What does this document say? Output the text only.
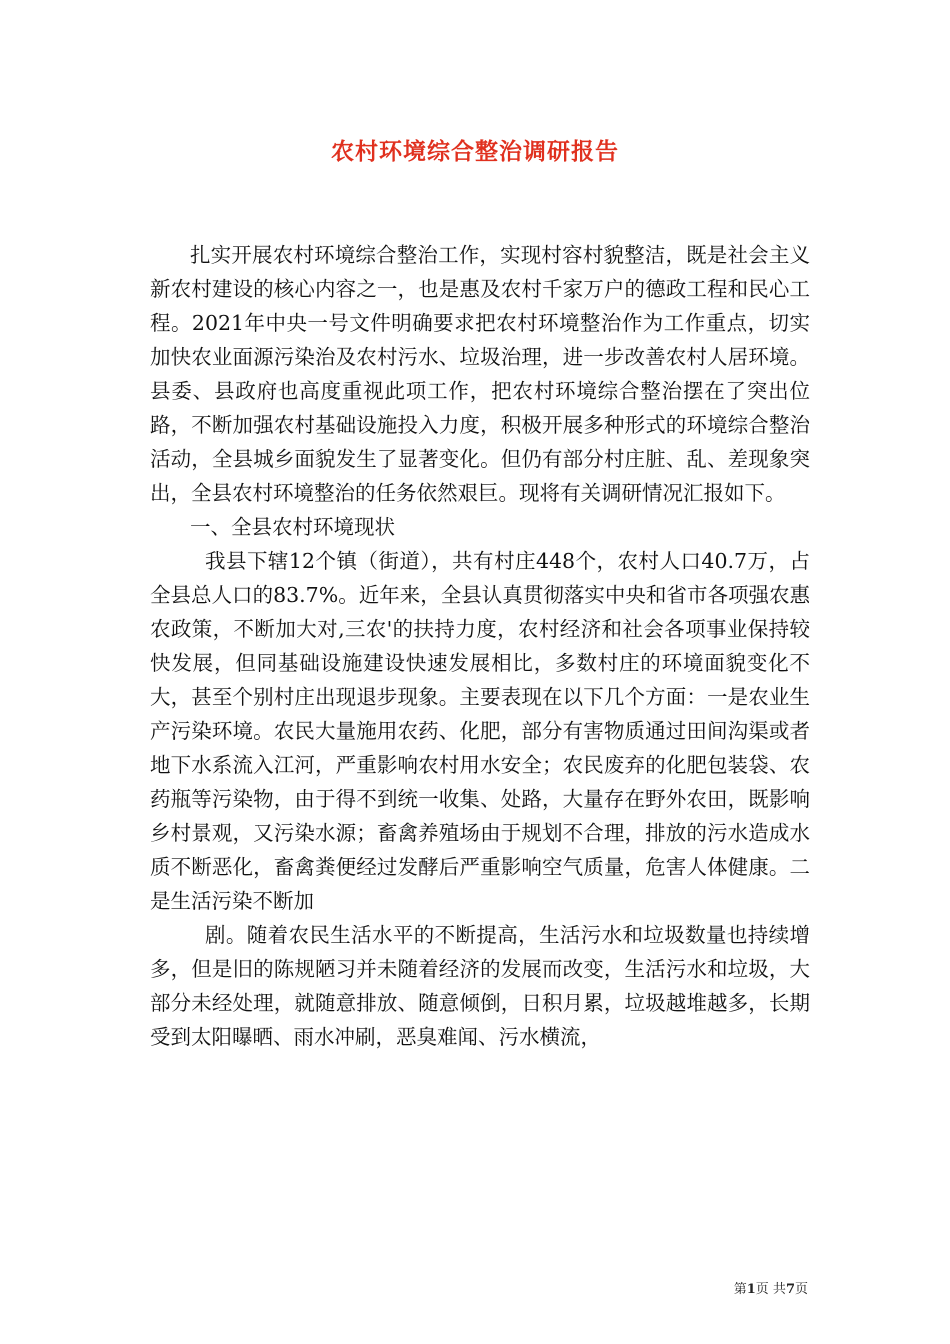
农村环境综合整治调研报告

扎实开展农村环境综合整治工作，实现村容村貌整洁，既是社会主义新农村建设的核心内容之一，也是惠及农村千家万户的德政工程和民心工程。2021年中央一号文件明确要求把农村环境整治作为工作重点，切实加快农业面源污染治及农村污水、垃圾治理，进一步改善农村人居环境。县委、县政府也高度重视此项工作，把农村环境综合整治摆在了突出位路，不断加强农村基础设施投入力度，积极开展多种形式的环境综合整治活动，全县城乡面貌发生了显著变化。但仍有部分村庄脏、乱、差现象突出，全县农村环境整治的任务依然艰巨。现将有关调研情况汇报如下。

一、全县农村环境现状

我县下辖12个镇（街道），共有村庄448个，农村人口40.7万，占全县总人口的83.7%。近年来，全县认真贯彻落实中央和省市各项强农惠农政策，不断加大对‚三农'的扶持力度，农村经济和社会各项事业保持较快发展，但同基础设施建设快速发展相比，多数村庄的环境面貌变化不大，甚至个别村庄出现退步现象。主要表现在以下几个方面：一是农业生产污染环境。农民大量施用农药、化肥，部分有害物质通过田间沟渠或者地下水系流入江河，严重影响农村用水安全；农民废弃的化肥包装袋、农药瓶等污染物，由于得不到统一收集、处路，大量存在野外农田，既影响乡村景观，又污染水源；畜禽养殖场由于规划不合理，排放的污水造成水质不断恶化，畜禽粪便经过发酵后严重影响空气质量，危害人体健康。二是生活污染不断加

剧。随着农民生活水平的不断提高，生活污水和垃圾数量也持续增多，但是旧的陈规陋习并未随着经济的发展而改变，生活污水和垃圾，大部分未经处理，就随意排放、随意倾倒，日积月累，垃圾越堆越多，长期受到太阳曝晒、雨水冲刷，恶臭难闻、污水横流，

第1页 共7页
